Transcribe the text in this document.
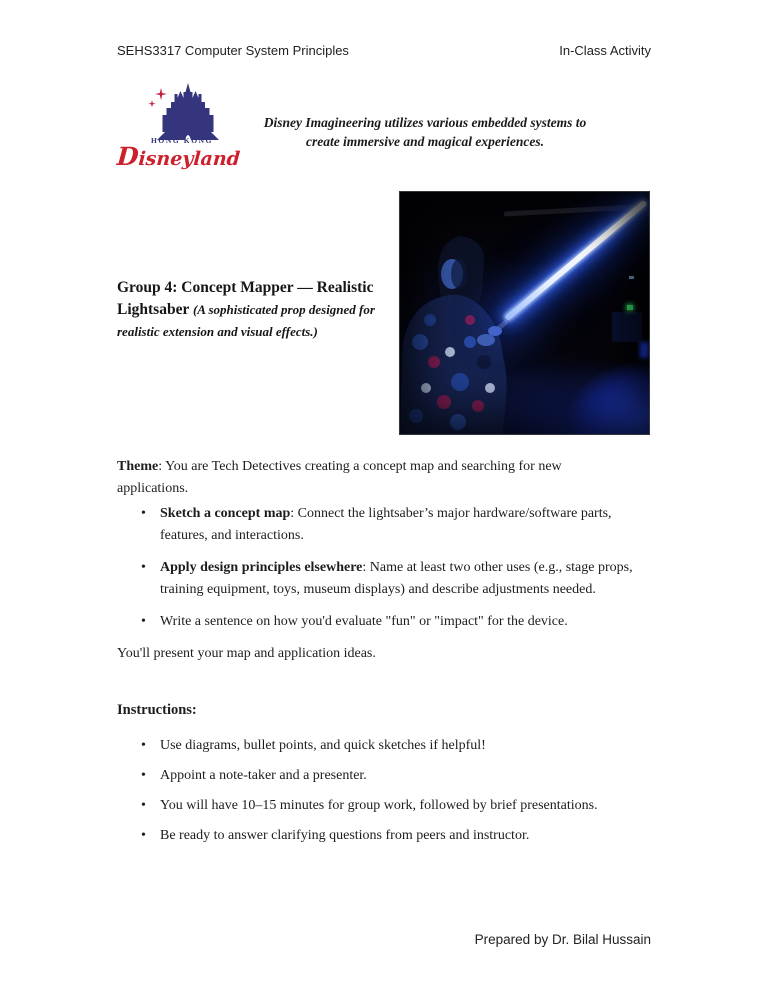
SEHS3317 Computer System Principles	In-Class Activity
HONG KONG
Disneyland
Disney Imagineering utilizes various embedded systems to create immersive and magical experiences.
Group 4: Concept Mapper — Realistic Lightsaber (A sophisticated prop designed for realistic extension and visual effects.)
Theme: You are Tech Detectives creating a concept map and searching for new applications.
• Sketch a concept map: Connect the lightsaber’s major hardware/software parts, features, and interactions.
• Apply design principles elsewhere: Name at least two other uses (e.g., stage props, training equipment, toys, museum displays) and describe adjustments needed.
• Write a sentence on how you'd evaluate "fun" or "impact" for the device.
You'll present your map and application ideas.
Instructions:
• Use diagrams, bullet points, and quick sketches if helpful!
• Appoint a note-taker and a presenter.
• You will have 10–15 minutes for group work, followed by brief presentations.
• Be ready to answer clarifying questions from peers and instructor.
Prepared by Dr. Bilal Hussain
